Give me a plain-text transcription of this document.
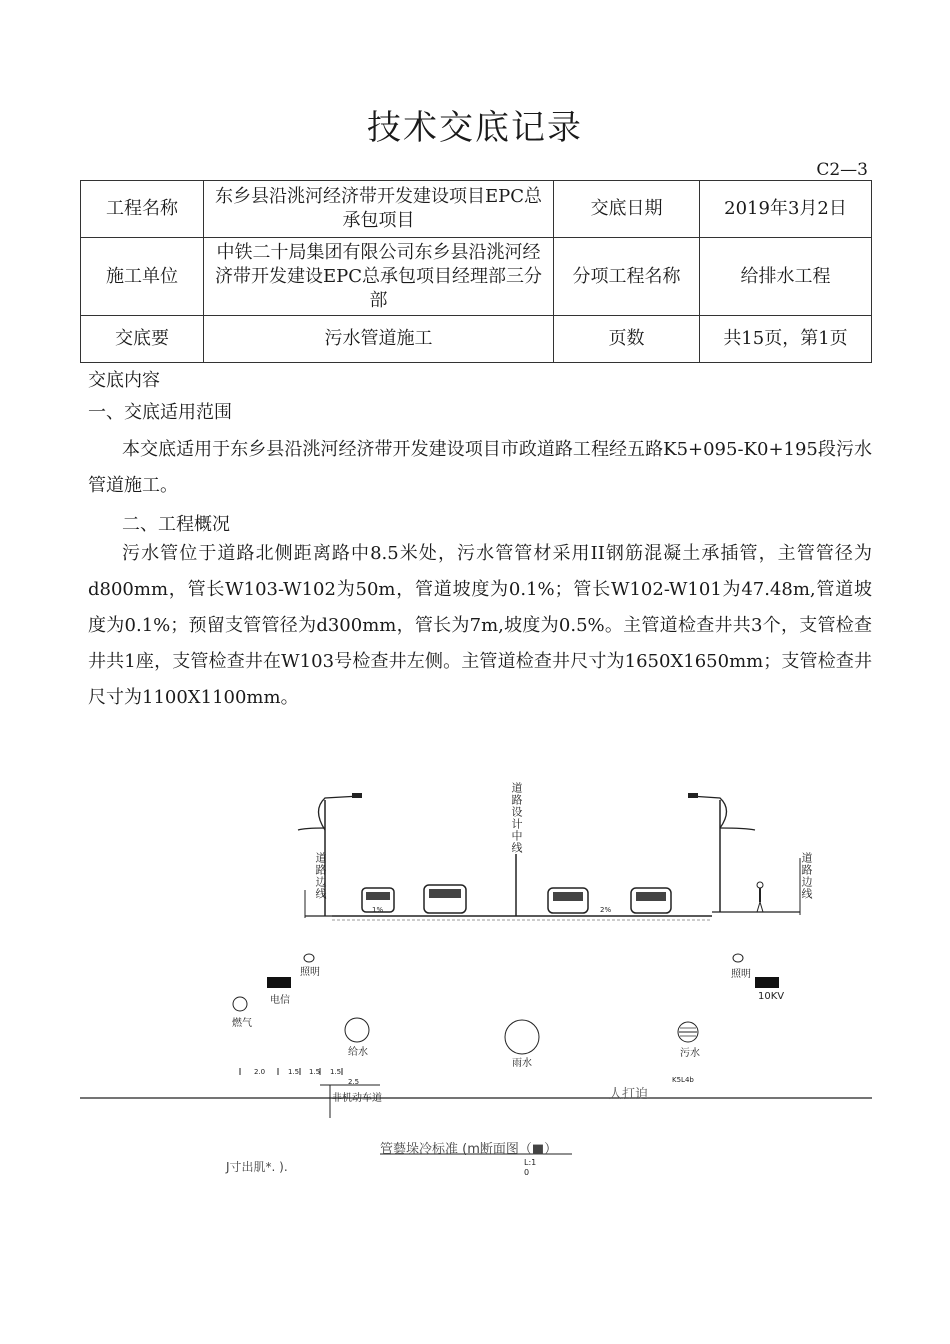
技术交底记录
C2—3
工程名称	东乡县沿洮河经济带开发建设项目EPC总承包项目	交底日期	2019年3月2日
施工单位	中铁二十局集团有限公司东乡县沿洮河经济带开发建设EPC总承包项目经理部三分部	分项工程名称	给排水工程
交底要	污水管道施工	页数	共15页，第1页
交底内容
一、交底适用范围
本交底适用于东乡县沿洮河经济带开发建设项目市政道路工程经五路K5+095-K0+195段污水管道施工。
二、工程概况
污水管位于道路北侧距离路中8.5米处，污水管管材采用II钢筋混凝土承插管，主管管径为d800mm，管长W103-W102为50m，管道坡度为0.1%；管长W102-W101为47.48m,管道坡度为0.1%；预留支管管径为d300mm，管长为7m,坡度为0.5%。主管道检查井共3个，支管检查井共1座，支管检查井在W103号检查井左侧。主管道检查井尺寸为1650X1650mm；支管检查井尺寸为1100X1100mm。
道路设计中线
道路边线	道路边线
1%	2%
照明	照明
电信	10KV
燃气
给水
雨水
污水
2.0	1.5 1.5 1.5
2.5	K5L4b
人打迫
非机动车道
管藝垛冷标准 (m断面图（■）
J寸出肌*. ).	L:1
0
